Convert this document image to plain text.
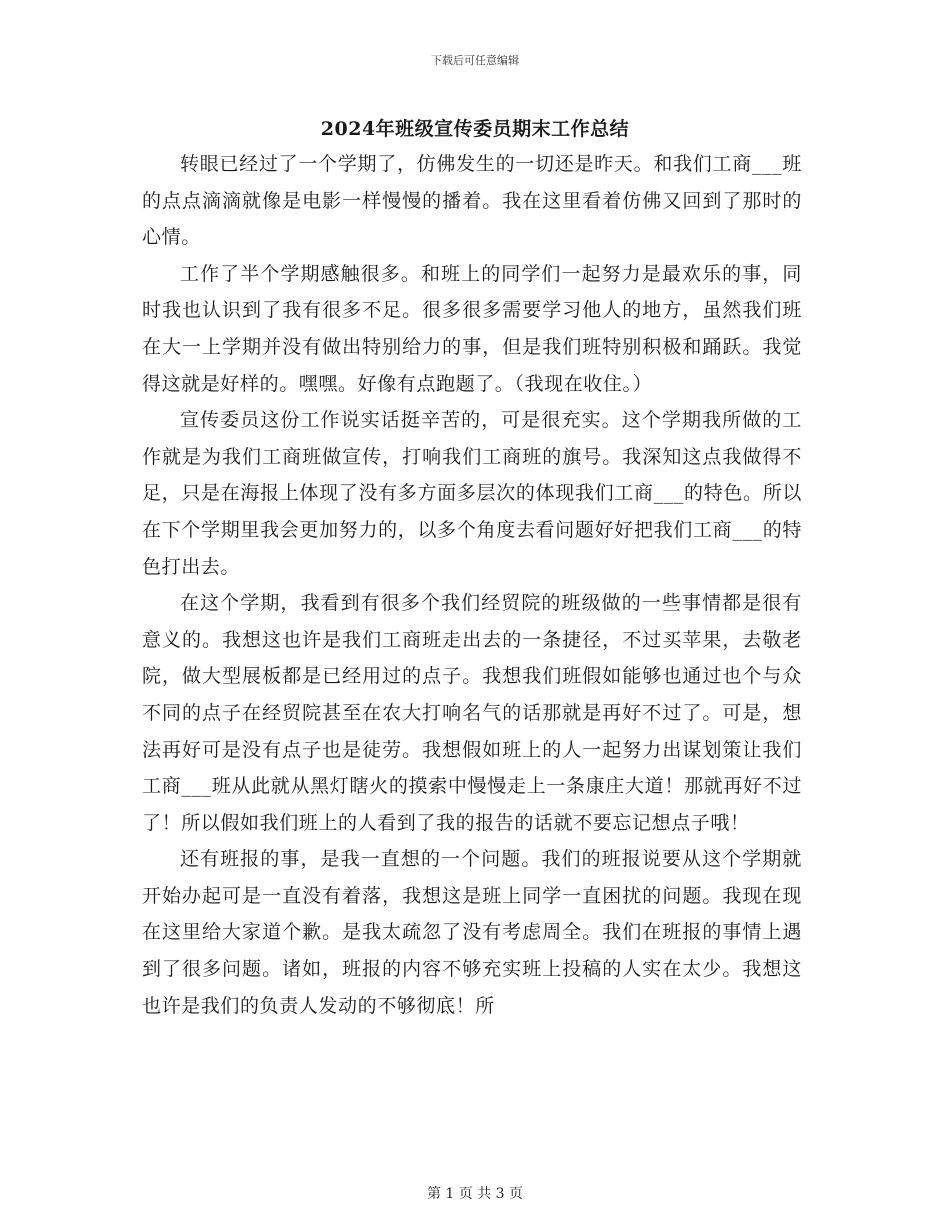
下载后可任意编辑
2024年班级宣传委员期末工作总结

转眼已经过了一个学期了，仿佛发生的一切还是昨天。和我们工商___班的点点滴滴就像是电影一样慢慢的播着。我在这里看着仿佛又回到了那时的心情。

工作了半个学期感触很多。和班上的同学们一起努力是最欢乐的事，同时我也认识到了我有很多不足。很多很多需要学习他人的地方，虽然我们班在大一上学期并没有做出特别给力的事，但是我们班特别积极和踊跃。我觉得这就是好样的。嘿嘿。好像有点跑题了。（我现在收住。）

宣传委员这份工作说实话挺辛苦的，可是很充实。这个学期我所做的工作就是为我们工商班做宣传，打响我们工商班的旗号。我深知这点我做得不足，只是在海报上体现了没有多方面多层次的体现我们工商___的特色。所以在下个学期里我会更加努力的，以多个角度去看问题好好把我们工商___的特色打出去。

在这个学期，我看到有很多个我们经贸院的班级做的一些事情都是很有意义的。我想这也许是我们工商班走出去的一条捷径，不过买苹果，去敬老院，做大型展板都是已经用过的点子。我想我们班假如能够也通过也个与众不同的点子在经贸院甚至在农大打响名气的话那就是再好不过了。可是，想法再好可是没有点子也是徒劳。我想假如班上的人一起努力出谋划策让我们工商___班从此就从黑灯瞎火的摸索中慢慢走上一条康庄大道！那就再好不过了！所以假如我们班上的人看到了我的报告的话就不要忘记想点子哦！

还有班报的事，是我一直想的一个问题。我们的班报说要从这个学期就开始办起可是一直没有着落，我想这是班上同学一直困扰的问题。我现在现在这里给大家道个歉。是我太疏忽了没有考虑周全。我们在班报的事情上遇到了很多问题。诸如，班报的内容不够充实班上投稿的人实在太少。我想这也许是我们的负责人发动的不够彻底！所

第 1 页 共 3 页
